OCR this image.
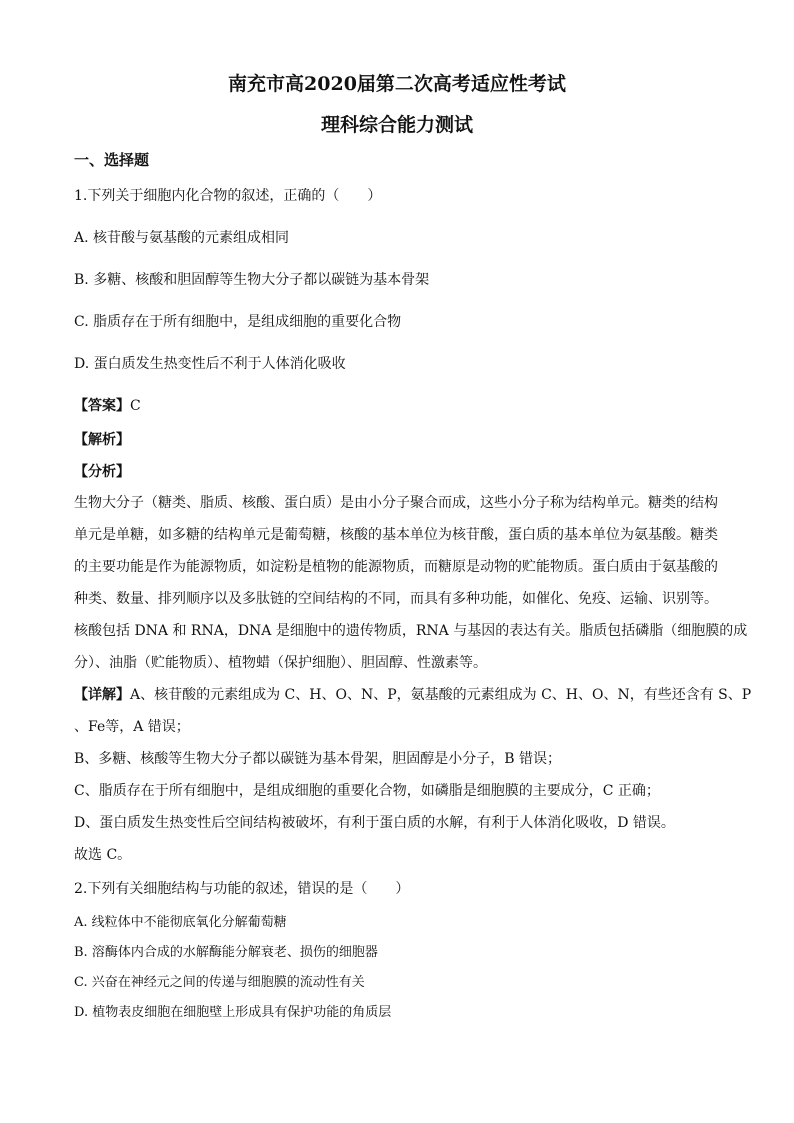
南充市高2020届第二次高考适应性考试
理科综合能力测试
一、选择题
1.下列关于细胞内化合物的叙述，正确的（　　）
A. 核苷酸与氨基酸的元素组成相同
B. 多糖、核酸和胆固醇等生物大分子都以碳链为基本骨架
C. 脂质存在于所有细胞中，是组成细胞的重要化合物
D. 蛋白质发生热变性后不利于人体消化吸收
【答案】C
【解析】
【分析】
生物大分子（糖类、脂质、核酸、蛋白质）是由小分子聚合而成，这些小分子称为结构单元。糖类的结构
单元是单糖，如多糖的结构单元是葡萄糖，核酸的基本单位为核苷酸，蛋白质的基本单位为氨基酸。糖类
的主要功能是作为能源物质，如淀粉是植物的能源物质，而糖原是动物的贮能物质。蛋白质由于氨基酸的
种类、数量、排列顺序以及多肽链的空间结构的不同，而具有多种功能，如催化、免疫、运输、识别等。
核酸包括 DNA 和 RNA，DNA 是细胞中的遗传物质，RNA 与基因的表达有关。脂质包括磷脂（细胞膜的成
分）、油脂（贮能物质）、植物蜡（保护细胞）、胆固醇、性激素等。
【详解】A、核苷酸的元素组成为 C、H、O、N、P，氨基酸的元素组成为 C、H、O、N，有些还含有 S、P
、Fe等，A 错误；
B、多糖、核酸等生物大分子都以碳链为基本骨架，胆固醇是小分子，B 错误；
C、脂质存在于所有细胞中，是组成细胞的重要化合物，如磷脂是细胞膜的主要成分，C 正确；
D、蛋白质发生热变性后空间结构被破坏，有利于蛋白质的水解，有利于人体消化吸收，D 错误。
故选 C。
2.下列有关细胞结构与功能的叙述，错误的是（　　）
A. 线粒体中不能彻底氧化分解葡萄糖
B. 溶酶体内合成的水解酶能分解衰老、损伤的细胞器
C. 兴奋在神经元之间的传递与细胞膜的流动性有关
D. 植物表皮细胞在细胞壁上形成具有保护功能的角质层
